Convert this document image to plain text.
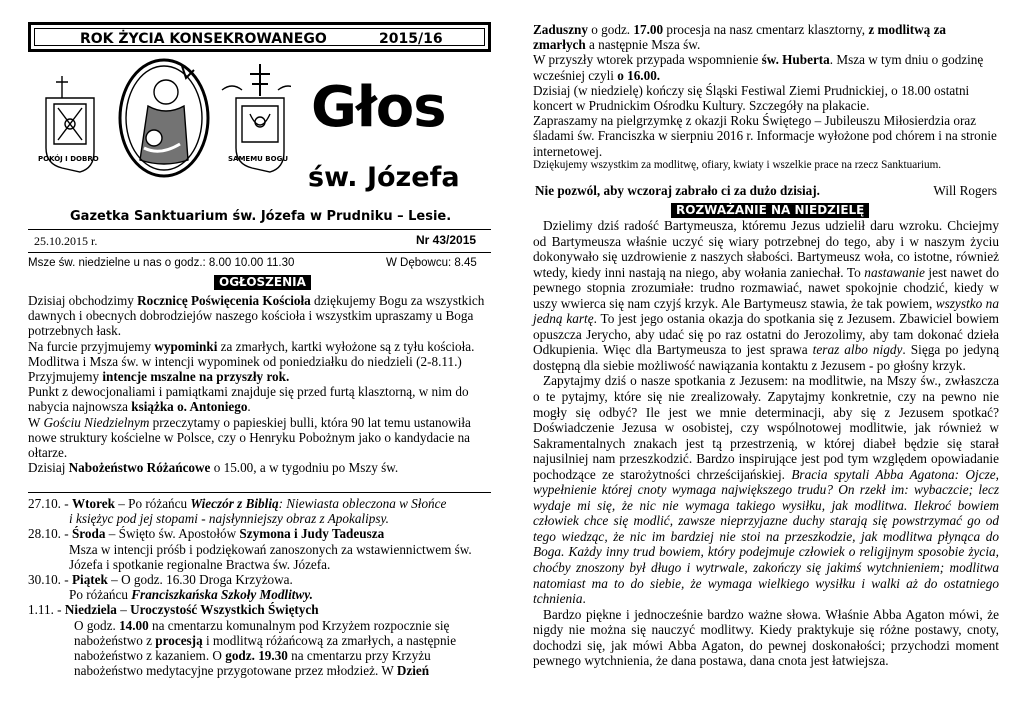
ROK ŻYCIA KONSEKROWANEGO	2015/16
POKÓJ I DOBRO	SAMEMU BOGU
Głos
św. Józefa
Gazetka Sanktuarium św. Józefa w Prudniku – Lesie.
25.10.2015 r.	Nr 43/2015
Msze św. niedzielne u nas o godz.: 8.00 10.00 11.30	W Dębowcu: 8.45
OGŁOSZENIA

Dzisiaj obchodzimy Rocznicę Poświęcenia Kościoła dziękujemy Bogu za wszystkich dawnych i obecnych dobrodziejów naszego kościoła i wszystkim upraszamy u Boga potrzebnych łask.

Na furcie przyjmujemy wypominki za zmarłych, kartki wyłożone są z tyłu kościoła. Modlitwa i Msza św. w intencji wypominek od poniedziałku do niedzieli (2-8.11.) Przyjmujemy intencje mszalne na przyszły rok.

Punkt z dewocjonaliami i pamiątkami znajduje się przed furtą klasztorną, w nim do nabycia najnowsza książka o. Antoniego.

W Gościu Niedzielnym przeczytamy o papieskiej bulli, która 90 lat temu ustanowiła nowe struktury kościelne w Polsce, czy o Henryku Pobożnym jako o kandydacie na ołtarze.

Dzisiaj Nabożeństwo Różańcowe o 15.00, a w tygodniu po Mszy św.

27.10. - Wtorek – Po różańcu Wieczór z Biblią: Niewiasta obleczona w Słońce

i księżyc pod jej stopami - najsłynniejszy obraz z Apokalipsy.

28.10. - Środa – Święto św. Apostołów Szymona i Judy Tadeusza

Msza w intencji próśb i podziękowań zanoszonych za wstawiennictwem św. Józefa i spotkanie regionalne Bractwa św. Józefa.

30.10. - Piątek – O godz. 16.30 Droga Krzyżowa.

Po różańcu Franciszkańska Szkoły Modlitwy.

1.11. - Niedziela – Uroczystość Wszystkich Świętych

O godz. 14.00 na cmentarzu komunalnym pod Krzyżem rozpocznie się nabożeństwo z procesją i modlitwą różańcową za zmarłych, a następnie nabożeństwo z kazaniem. O godz. 19.30 na cmentarzu przy Krzyżu nabożeństwo medytacyjne przygotowane przez młodzież. W Dzień

Zaduszny o godz. 17.00 procesja na nasz cmentarz klasztorny, z modlitwą za zmarłych a następnie Msza św.

W przyszły wtorek przypada wspomnienie św. Huberta. Msza w tym dniu o godzinę wcześniej czyli o 16.00.

Dzisiaj (w niedzielę) kończy się Śląski Festiwal Ziemi Prudnickiej, o 18.00 ostatni koncert w Prudnickim Ośrodku Kultury. Szczegóły na plakacie.

Zapraszamy na pielgrzymkę z okazji Roku Świętego – Jubileuszu Miłosierdzia oraz śladami św. Franciszka w sierpniu 2016 r. Informacje wyłożone pod chórem i na stronie internetowej.

Dziękujemy wszystkim za modlitwę, ofiary, kwiaty i wszelkie prace na rzecz Sanktuarium.

Nie pozwól, aby wczoraj zabrało ci za dużo dzisiaj.	Will Rogers
ROZWAŻANIE NA NIEDZIELĘ

Dzielimy dziś radość Bartymeusza, któremu Jezus udzielił daru wzroku. Chciejmy od Bartymeusza właśnie uczyć się wiary potrzebnej do tego, aby i w naszym życiu dokonywało się uzdrowienie z naszych słabości. Bartymeusz woła, co istotne, również wtedy, kiedy inni nastają na niego, aby wołania zaniechał. To nastawanie jest nawet do pewnego stopnia zrozumiałe: trudno rozmawiać, nawet spokojnie chodzić, kiedy w uszy wwierca się nam czyjś krzyk. Ale Bartymeusz stawia, że tak powiem, wszystko na jedną kartę. To jest jego ostania okazja do spotkania się z Jezusem. Zbawiciel bowiem opuszcza Jerycho, aby udać się po raz ostatni do Jerozolimy, aby tam dokonać dzieła Odkupienia. Więc dla Bartymeusza to jest sprawa teraz albo nigdy. Sięga po jedyną dostępną dla siebie możliwość nawiązania kontaktu z Jezusem - po głośny krzyk.

Zapytajmy dziś o nasze spotkania z Jezusem: na modlitwie, na Mszy św., zwłaszcza o te pytajmy, które się nie zrealizowały. Zapytajmy konkretnie, czy na pewno nie mogły się odbyć? Ile jest we mnie determinacji, aby się z Jezusem spotkać? Doświadczenie Jezusa w osobistej, czy wspólnotowej modlitwie, jak również w Sakramentalnych znakach jest tą przestrzenią, w której diabeł będzie się starał najusilniej nam przeszkodzić. Bardzo inspirujące jest pod tym względem opowiadanie pochodzące ze starożytności chrześcijańskiej. Bracia spytali Abba Agatona: Ojcze, wypełnienie której cnoty wymaga największego trudu? On rzekł im: wybaczcie; lecz wydaje mi się, że nic nie wymaga takiego wysiłku, jak modlitwa. Ilekroć bowiem człowiek chce się modlić, zawsze nieprzyjazne duchy starają się powstrzymać go od tego wiedząc, że nic im bardziej nie stoi na przeszkodzie, jak modlitwa płynąca do Boga. Każdy inny trud bowiem, który podejmuje człowiek o religijnym sposobie życia, choćby znoszony był długo i wytrwale, zakończy się jakimś wytchnieniem; modlitwa natomiast ma to do siebie, że wymaga wielkiego wysiłku i walki aż do ostatniego tchnienia.

Bardzo piękne i jednocześnie bardzo ważne słowa. Właśnie Abba Agaton mówi, że nigdy nie można się nauczyć modlitwy. Kiedy praktykuje się różne postawy, cnoty, dochodzi się, jak mówi Abba Agaton, do pewnej doskonałości; przychodzi moment pewnego wytchnienia, że dana postawa, dana cnota jest łatwiejsza.
